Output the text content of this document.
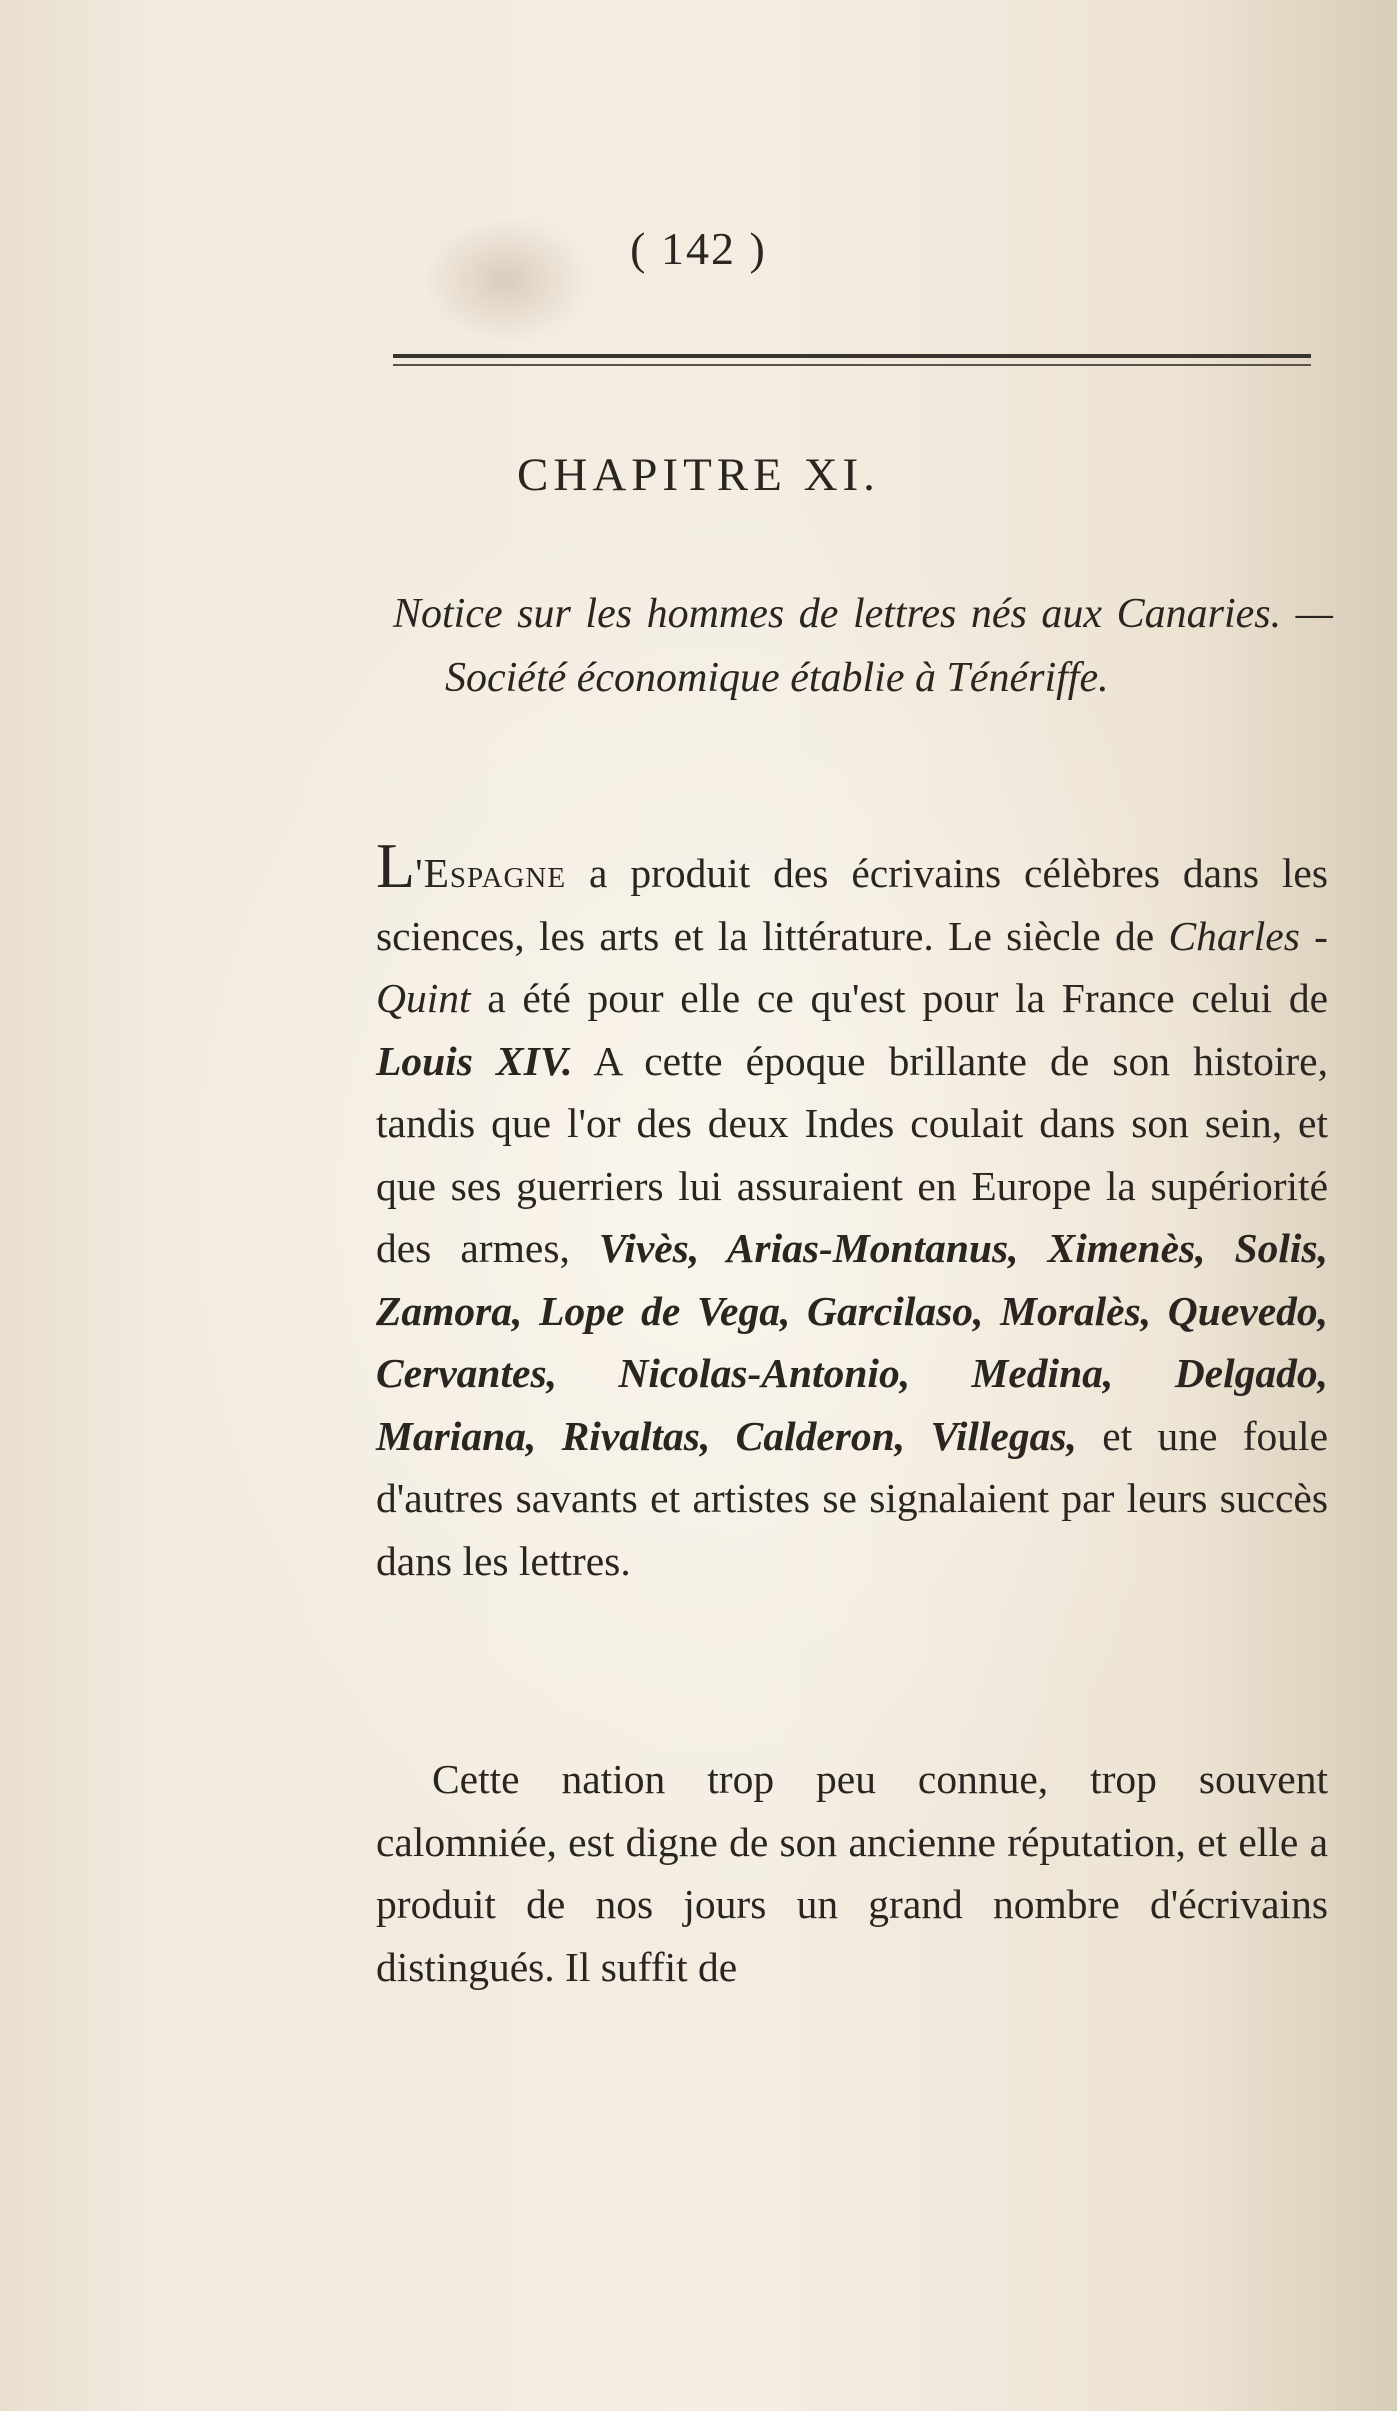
( 142 )
CHAPITRE XI.
Notice sur les hommes de lettres nés aux Canaries. — Société économique établie à Ténériffe.
L'Espagne a produit des écrivains célèbres dans les sciences, les arts et la littérature. Le siècle de Charles - Quint a été pour elle ce qu'est pour la France celui de Louis XIV. A cette époque brillante de son histoire, tandis que l'or des deux Indes coulait dans son sein, et que ses guerriers lui assuraient en Europe la supériorité des armes, Vivès, Arias-Montanus, Ximenès, Solis, Zamora, Lope de Vega, Garcilaso, Moralès, Quevedo, Cervantes, Nicolas-Antonio, Medina, Delgado, Mariana, Rivaltas, Calderon, Villegas, et une foule d'autres savants et artistes se signalaient par leurs succès dans les lettres.
Cette nation trop peu connue, trop souvent calomniée, est digne de son ancienne réputation, et elle a produit de nos jours un grand nombre d'écrivains distingués. Il suffit de
